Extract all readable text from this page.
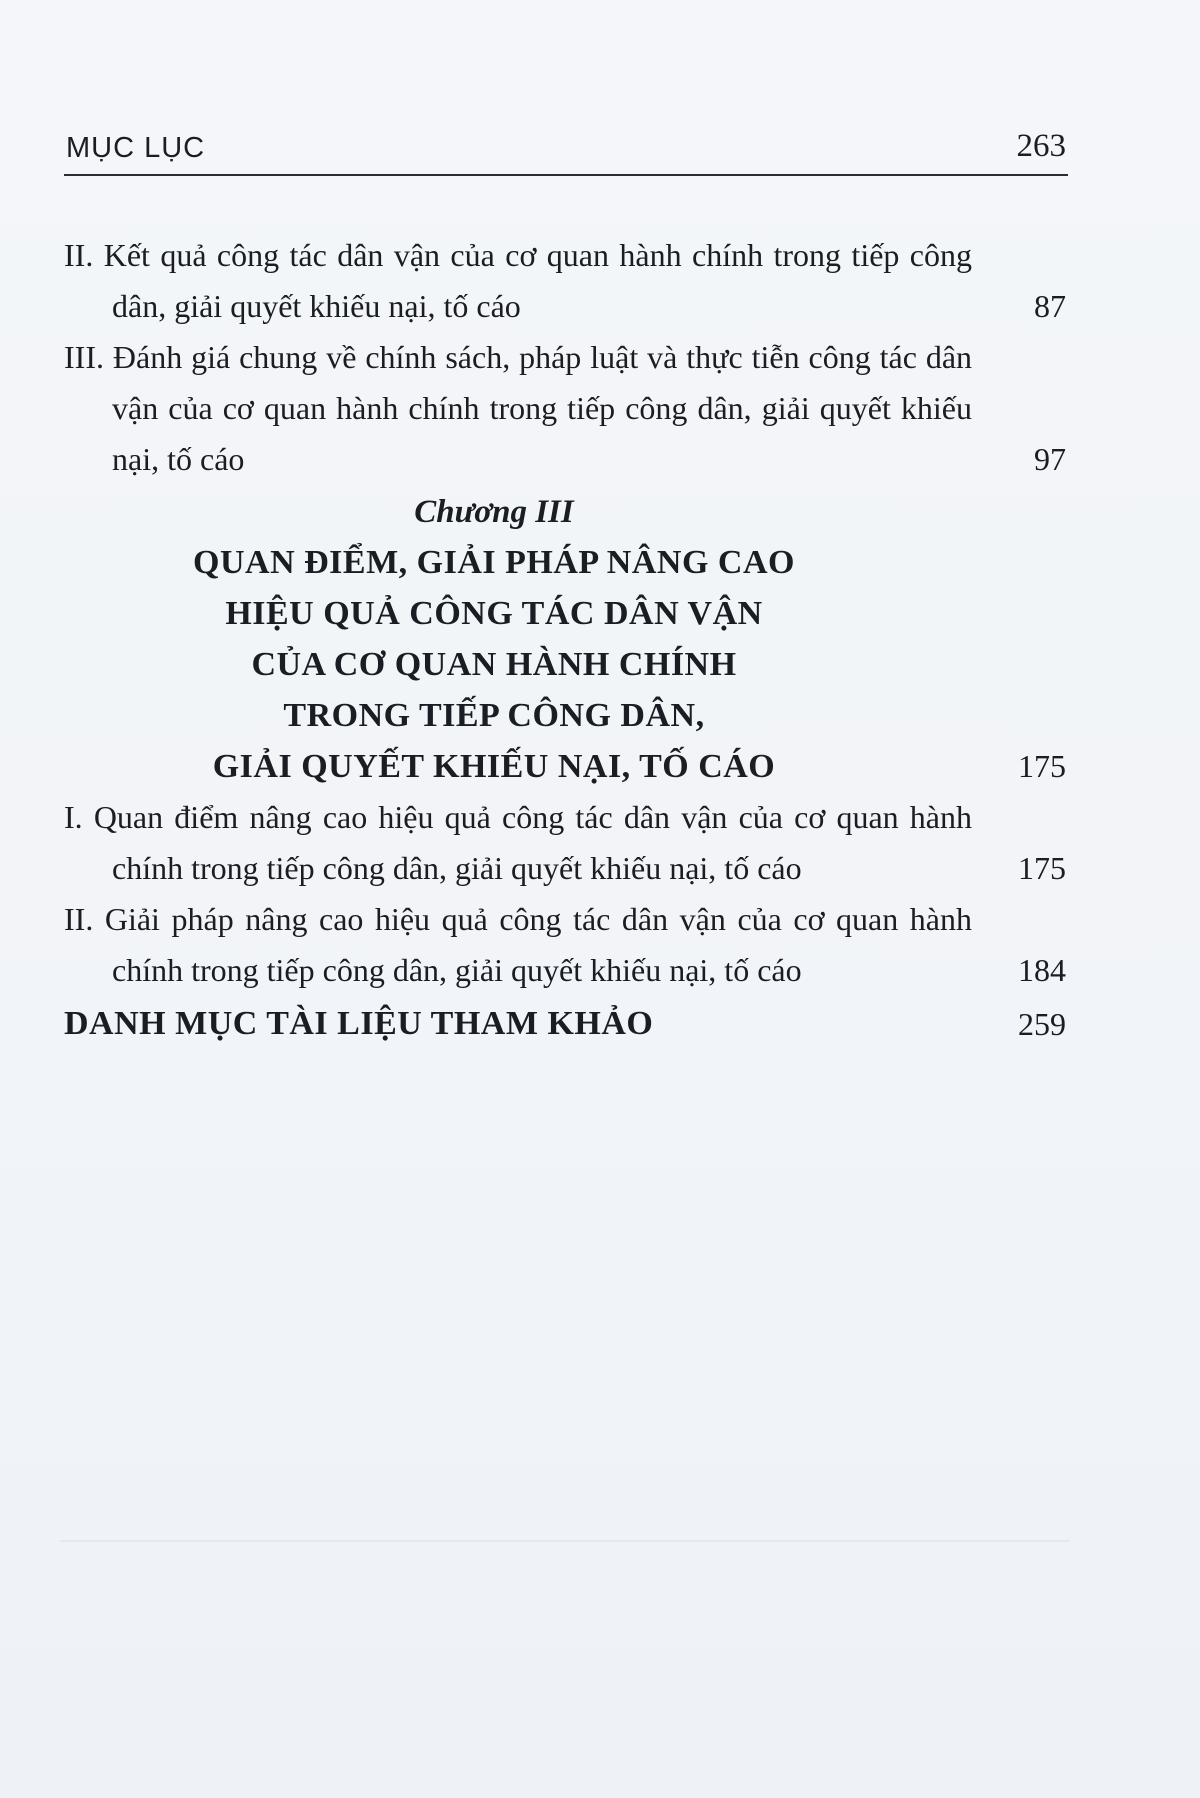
MỤC LỤC	263
II. Kết quả công tác dân vận của cơ quan hành chính trong tiếp công dân, giải quyết khiếu nại, tố cáo	87
III. Đánh giá chung về chính sách, pháp luật và thực tiễn công tác dân vận của cơ quan hành chính trong tiếp công dân, giải quyết khiếu nại, tố cáo	97
Chương III
QUAN ĐIỂM, GIẢI PHÁP NÂNG CAO
HIỆU QUẢ CÔNG TÁC DÂN VẬN
CỦA CƠ QUAN HÀNH CHÍNH
TRONG TIẾP CÔNG DÂN,
GIẢI QUYẾT KHIẾU NẠI, TỐ CÁO	175
I. Quan điểm nâng cao hiệu quả công tác dân vận của cơ quan hành chính trong tiếp công dân, giải quyết khiếu nại, tố cáo	175
II. Giải pháp nâng cao hiệu quả công tác dân vận của cơ quan hành chính trong tiếp công dân, giải quyết khiếu nại, tố cáo	184
DANH MỤC TÀI LIỆU THAM KHẢO	259
